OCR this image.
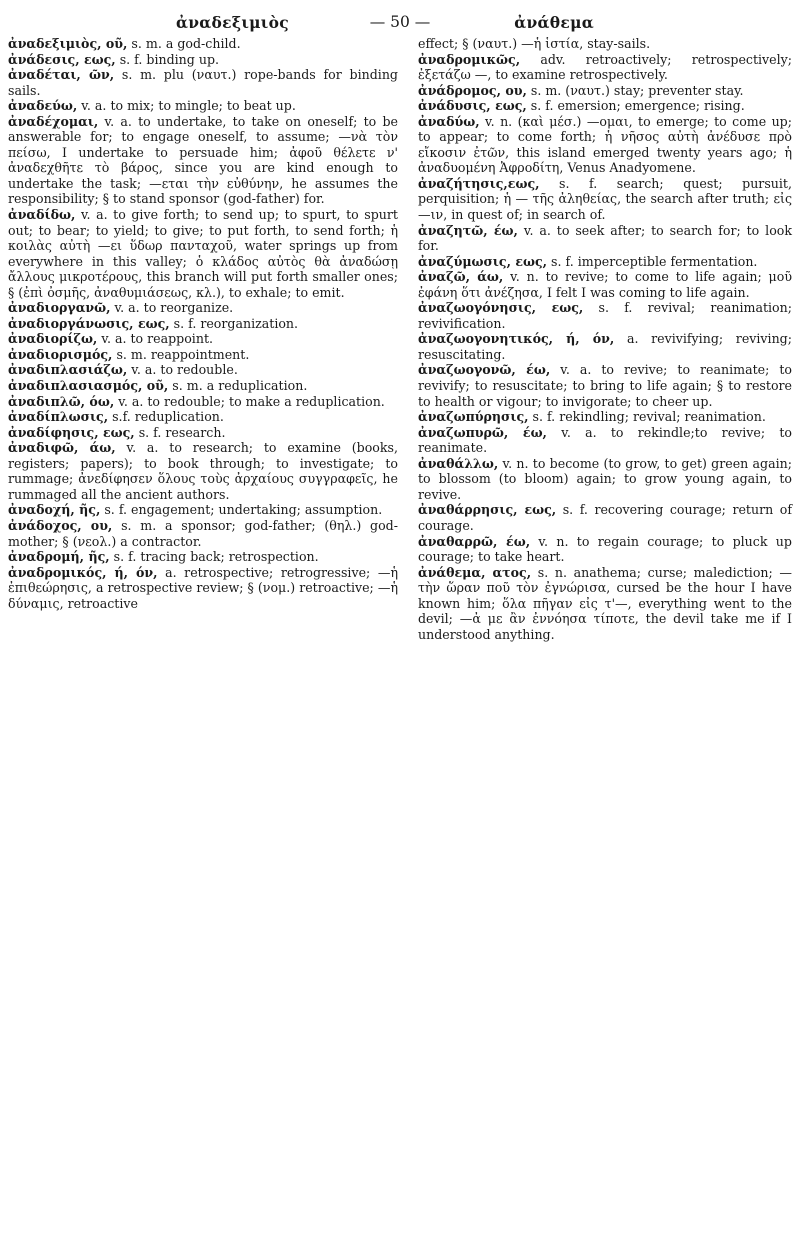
ἀναδεξιμιὸς	— 50 —	ἀνάθεμα

ἀναδεξιμιὸς, οῦ, s. m. a god-child.

ἀνάδεσις, εως, s. f. binding up.

ἀναδέται, ῶν, s. m. plu (ναυτ.) rope-bands for binding sails.

ἀναδεύω, v. a. to mix; to mingle; to beat up.

ἀναδέχομαι, v. a. to undertake, to take on oneself; to be answerable for; to engage oneself, to assume; —νὰ τὸν πείσω, I undertake to persuade him; ἀφοῦ θέλετε ν' ἀναδεχθῆτε τὸ βάρος, since you are kind enough to undertake the task; —εται τὴν εὐθύνην, he assumes the responsibility; § to stand sponsor (god-father) for.

ἀναδίδω, v. a. to give forth; to send up; to spurt, to spurt out; to bear; to yield; to give; to put forth, to send forth; ἡ κοιλὰς αὐτὴ —ει ὕδωρ πανταχοῦ, water springs up from everywhere in this valley; ὁ κλάδος αὐτὸς θὰ ἀναδώσῃ ἄλλους μικροτέρους, this branch will put forth smaller ones; § (ἐπὶ ὀσμῆς, ἀναθυμιάσεως, κλ.), to exhale; to emit.

ἀναδιοργανῶ, v. a. to reorganize.

ἀναδιοργάνωσις, εως, s. f. reorganization.

ἀναδιορίζω, v. a. to reappoint.

ἀναδιορισμός, s. m. reappointment.

ἀναδιπλασιάζω, v. a. to redouble.

ἀναδιπλασιασμός, οῦ, s. m. a reduplication.

ἀναδιπλῶ, όω, v. a. to redouble; to make a reduplication.

ἀναδίπλωσις, s.f. reduplication.

ἀναδίφησις, εως, s. f. research.

ἀναδιφῶ, άω, v. a. to research; to examine (books, registers; papers); to book through; to investigate; to rummage; ἀνεδίφησεν ὅλους τοὺς ἀρχαίους συγγραφεῖς, he rummaged all the ancient authors.

ἀναδοχή, ῆς, s. f. engagement; undertaking; assumption.

ἀνάδοχος, ου, s. m. a sponsor; god-father; (θηλ.) god-mother; § (νεολ.) a contractor.

ἀναδρομή, ῆς, s. f. tracing back; retrospection.

ἀναδρομικός, ή, όν, a. retrospective; retrogressive; —ἡ ἐπιθεώρησις, a retrospective review; § (νομ.) retroactive; —ἡ δύναμις, retroactive

effect; § (ναυτ.) —ἡ ἱστία, stay-sails.

ἀναδρομικῶς, adv. retroactively; retrospectively; ἐξετάζω —, to examine retrospectively.

ἀνάδρομος, ου, s. m. (ναυτ.) stay; preventer stay.

ἀνάδυσις, εως, s. f. emersion; emergence; rising.

ἀναδύω, v. n. (καὶ μέσ.) —ομαι, to emerge; to come up; to appear; to come forth; ἡ νῆσος αὐτὴ ἀνέδυσε πρὸ εἴκοσιν ἐτῶν, this island emerged twenty years ago; ἡ ἀναδυομένη Ἀφροδίτη, Venus Anadyomene.

ἀναζήτησις,εως, s. f. search; quest; pursuit, perquisition; ἡ — τῆς ἀληθείας, the search after truth; εἰς—ιν, in quest of; in search of.

ἀναζητῶ, έω, v. a. to seek after; to search for; to look for.

ἀναζύμωσις, εως, s. f. imperceptible fermentation.

ἀναζῶ, άω, v. n. to revive; to come to life again; μοῦ ἐφάνη ὅτι ἀνέζησα, I felt I was coming to life again.

ἀναζωογόνησις, εως, s. f. revival; reanimation; revivification.

ἀναζωογονητικός, ή, όν, a. revivifying; reviving; resuscitating.

ἀναζωογονῶ, έω, v. a. to revive; to reanimate; to revivify; to resuscitate; to bring to life again; § to restore to health or vigour; to invigorate; to cheer up.

ἀναζωπύρησις, s. f. rekindling; revival; reanimation.

ἀναζωπυρῶ, έω, v. a. to rekindle;to revive; to reanimate.

ἀναθάλλω, v. n. to become (to grow, to get) green again; to blossom (to bloom) again; to grow young again, to revive.

ἀναθάρρησις, εως, s. f. recovering courage; return of courage.

ἀναθαρρῶ, έω, v. n. to regain courage; to pluck up courage; to take heart.

ἀνάθεμα, ατος, s. n. anathema; curse; malediction; — τὴν ὥραν ποῦ τὸν ἐγνώρισα, cursed be the hour I have known him; ὅλα πῆγαν εἰς τ'—, everything went to the devil; —ἀ με ἂν ἐννόησα τίποτε, the devil take me if I understood anything.
